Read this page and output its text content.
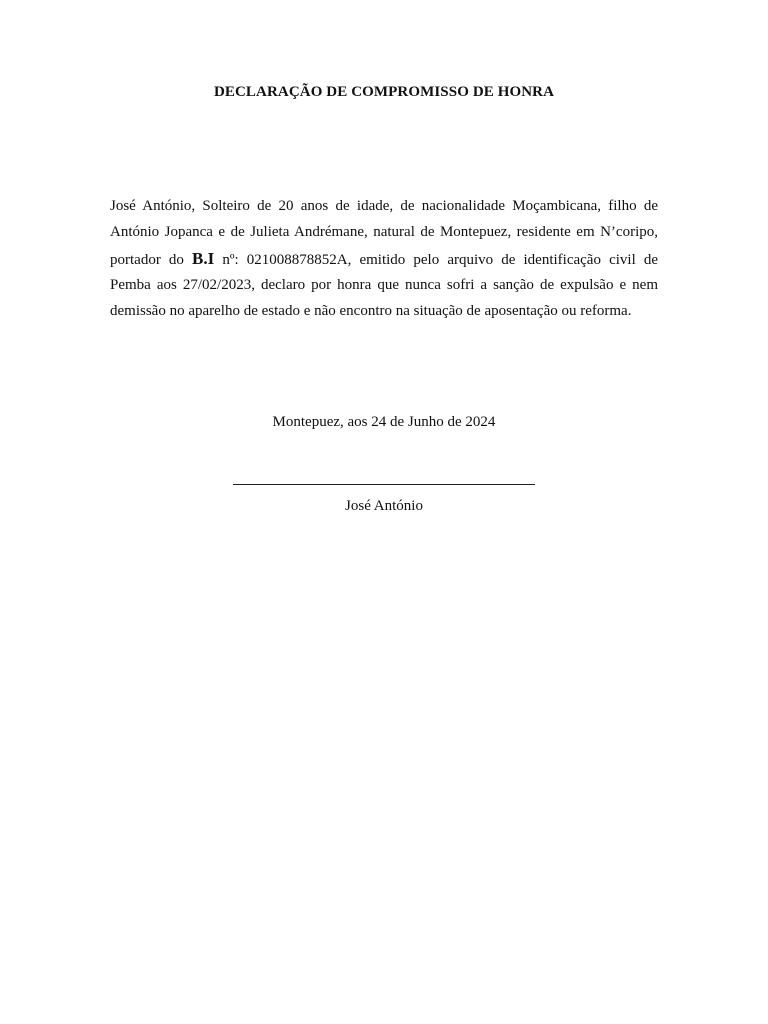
DECLARAÇÃO DE COMPROMISSO DE HONRA
José António, Solteiro de 20 anos de idade, de nacionalidade Moçambicana, filho de
António Jopanca e de Julieta Andrémane, natural de Montepuez, residente em N’coripo,
portador do B.I nº: 021008878852A, emitido pelo arquivo de identificação civil de
Pemba aos 27/02/2023, declaro por honra que nunca sofri a sanção de expulsão e nem
demissão no aparelho de estado e não encontro na situação de aposentação ou reforma.
Montepuez, aos 24 de Junho de 2024
José António
